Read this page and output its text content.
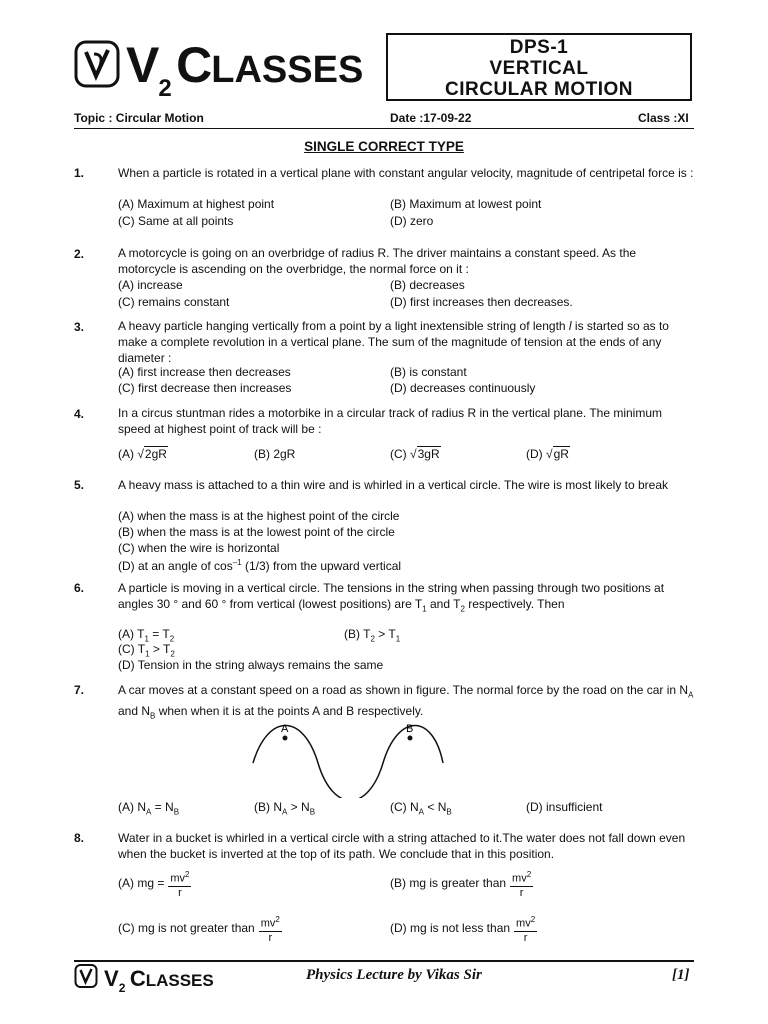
V2 CLASSES
DPS-1
VERTICAL
CIRCULAR MOTION
Topic : Circular Motion	Date :17-09-22	Class :XI
SINGLE CORRECT TYPE
1.	When a particle is rotated in a vertical plane with constant angular velocity, magnitude of centripetal force is :
(A) Maximum at highest point	(B) Maximum at lowest point
(C) Same at all points	(D) zero
2.	A motorcycle is going on an overbridge of radius R. The driver maintains a constant speed. As the motorcycle is ascending on the overbridge, the normal force on it :
(A) increase	(B) decreases
(C) remains constant	(D) first increases then decreases.
3.	A heavy particle hanging vertically from a point by a light inextensible string of length l is started so as to make a complete revolution in a vertical plane. The sum of the magnitude of tension at the ends of any diameter :
(A) first increase then decreases	(B) is constant
(C) first decrease then increases	(D) decreases continuously
4.	In a circus stuntman rides a motorbike in a circular track of radius R in the vertical plane. The minimum speed at highest point of track will be :
(A) √2gR	(B) 2gR	(C) √3gR	(D) √gR
5.	A heavy mass is attached to a thin wire and is whirled in a vertical circle. The wire is most likely to break
(A) when the mass is at the highest point of the circle
(B) when the mass is at the lowest point of the circle
(C) when the wire is horizontal
(D) at an angle of $\cos^{-1} (1/3)$ from the upward vertical
6.	A particle is moving in a vertical circle. The tensions in the string when passing through two positions at angles 30 ° and 60 ° from vertical (lowest positions) are $T_1$ and $T_2$ respectively. Then
(A) $T_1 = T_2$	(B) $T_2 > T_1$
(C) $T_1 > T_2$
(D) Tension in the string always remains the same
7.	A car moves at a constant speed on a road as shown in figure. The normal force by the road on the car in $N_A$ and $N_B$ when when it is at the points A and B respectively.
A	B
(A) $N_A = N_B$	(B) $N_A > N_B$	(C) $N_A < N_B$	(D) insufficient
8.	Water in a bucket is whirled in a vertical circle with a string attached to it.The water does not fall down even when the bucket is inverted at the top of its path. We conclude that in this position.
(A) mg = $\frac{mv^2}{r}$	(B) mg is greater than $\frac{mv^2}{r}$
(C) mg is not greater than $\frac{mv^2}{r}$	(D) mg is not less than $\frac{mv^2}{r}$
$V_2$ CLASSES	Physics Lecture by Vikas Sir	[1]
